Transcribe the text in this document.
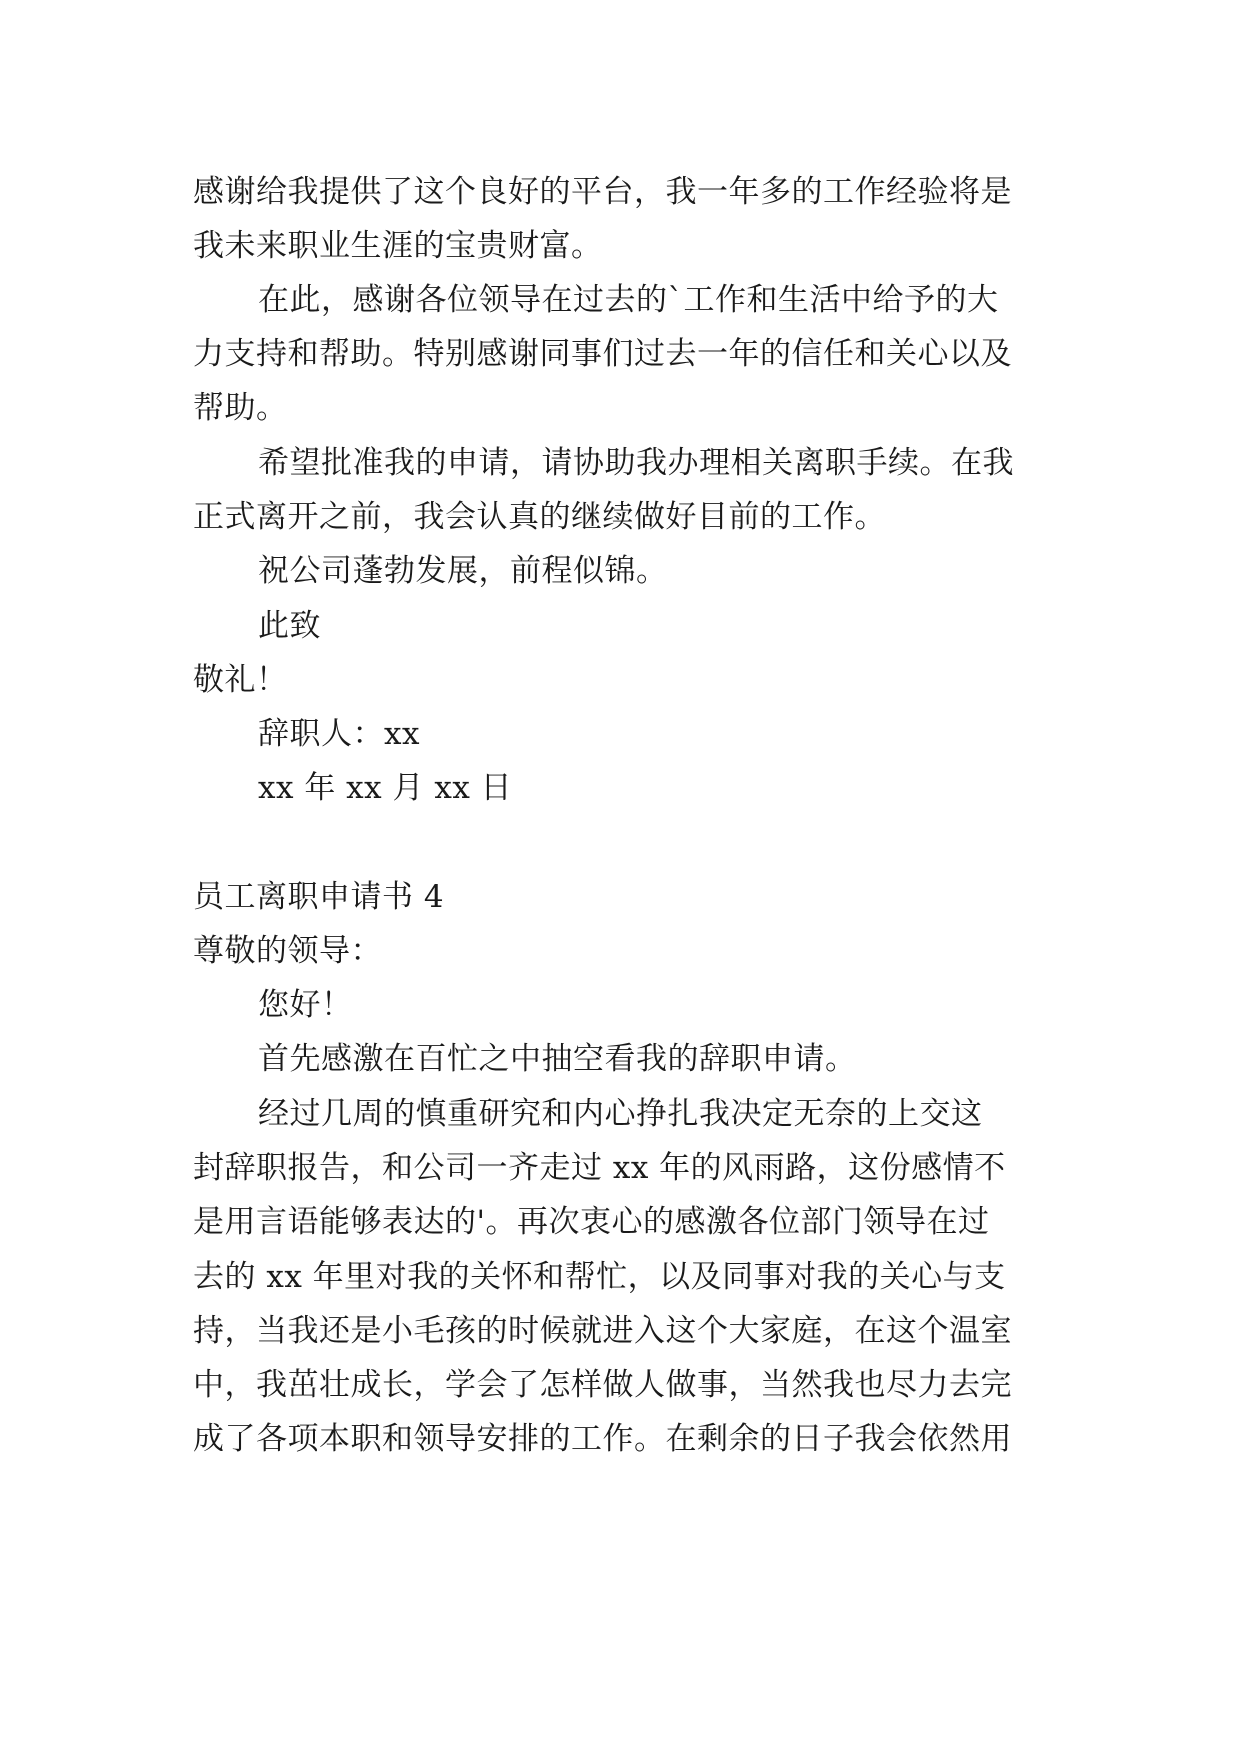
感谢给我提供了这个良好的平台，我一年多的工作经验将是
我未来职业生涯的宝贵财富。
在此，感谢各位领导在过去的`工作和生活中给予的大
力支持和帮助。特别感谢同事们过去一年的信任和关心以及
帮助。
希望批准我的申请，请协助我办理相关离职手续。在我
正式离开之前，我会认真的继续做好目前的工作。
祝公司蓬勃发展，前程似锦。
此致
敬礼！
辞职人：xx
xx 年 xx 月 xx 日
员工离职申请书 4
尊敬的领导：
您好！
首先感激在百忙之中抽空看我的辞职申请。
经过几周的慎重研究和内心挣扎我决定无奈的上交这
封辞职报告，和公司一齐走过 xx 年的风雨路，这份感情不
是用言语能够表达的'。再次衷心的感激各位部门领导在过
去的 xx 年里对我的关怀和帮忙，以及同事对我的关心与支
持，当我还是小毛孩的时候就进入这个大家庭，在这个温室
中，我茁壮成长，学会了怎样做人做事，当然我也尽力去完
成了各项本职和领导安排的工作。在剩余的日子我会依然用
